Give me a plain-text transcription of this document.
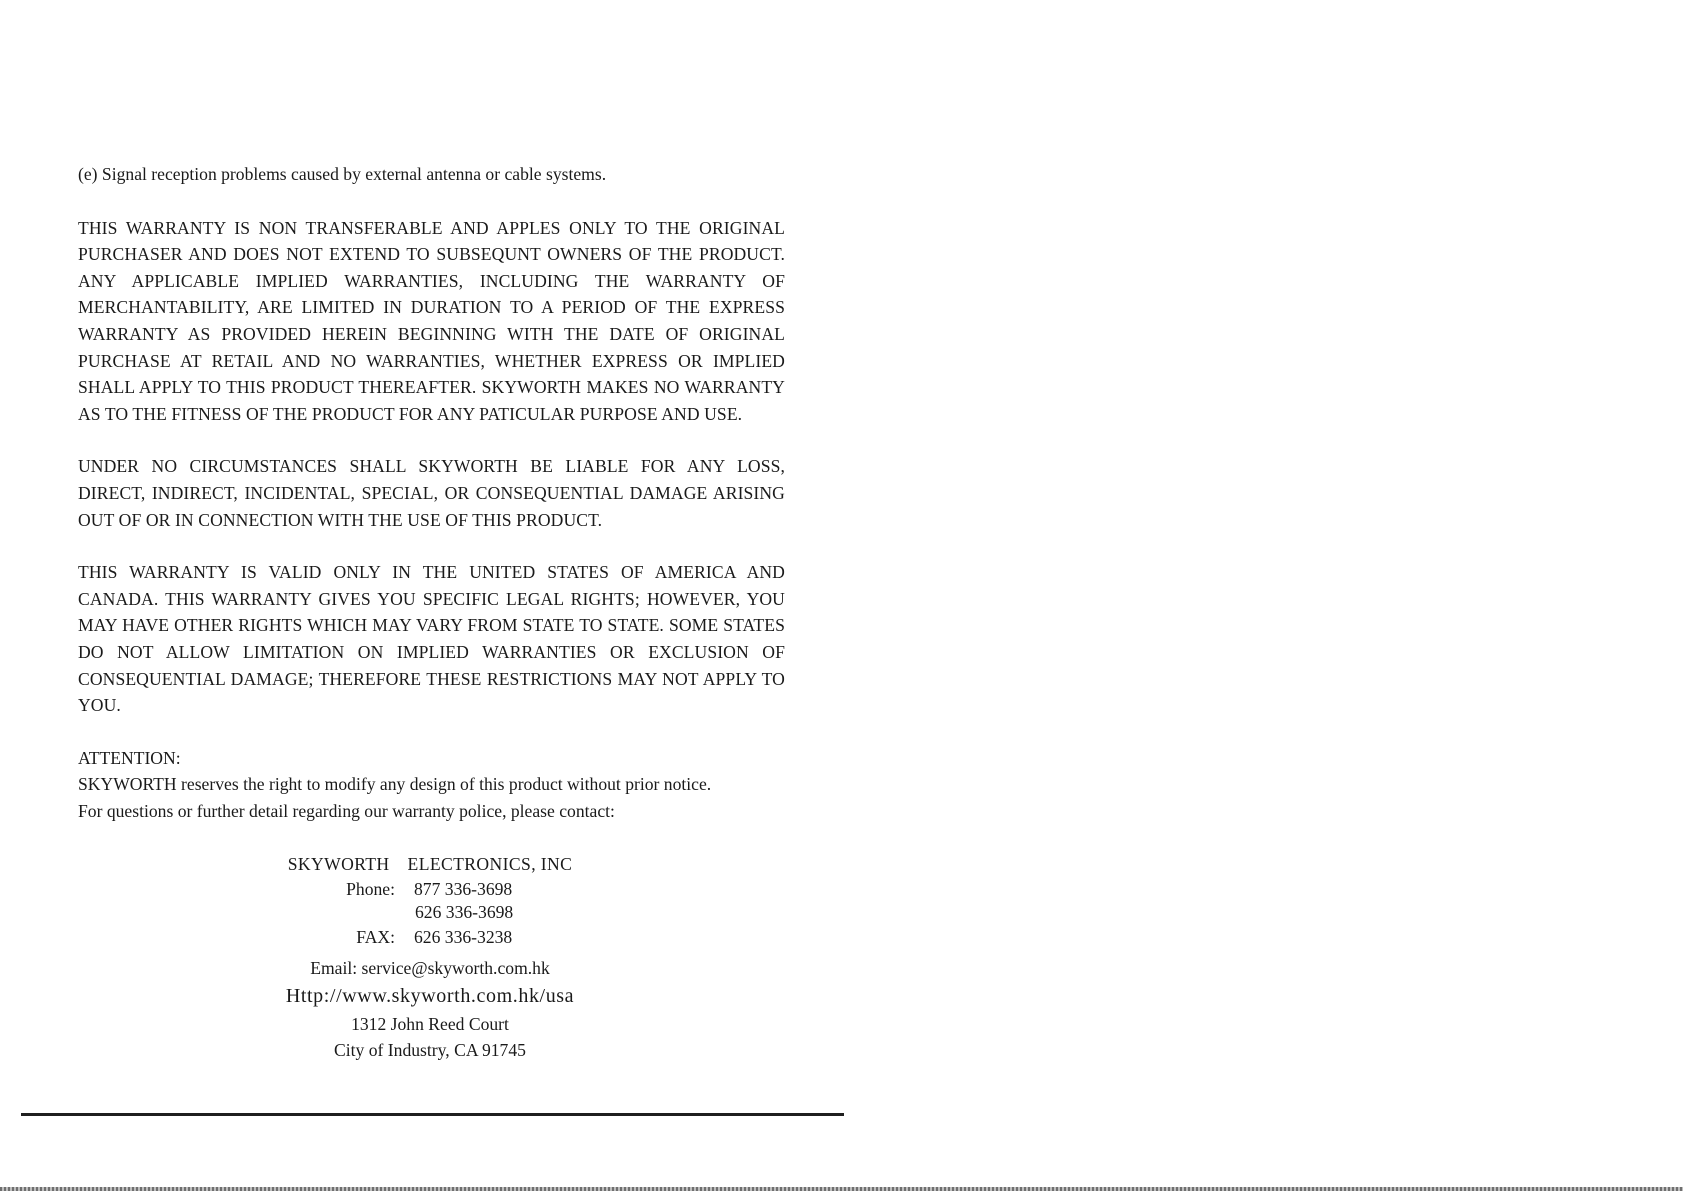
(e) Signal reception problems caused by external antenna or cable systems.

THIS WARRANTY IS NON TRANSFERABLE AND APPLES ONLY TO THE ORIGINAL PURCHASER AND DOES NOT EXTEND TO SUBSEQUNT OWNERS OF THE PRODUCT. ANY APPLICABLE IMPLIED WARRANTIES, INCLUDING THE WARRANTY OF MERCHANTABILITY, ARE LIMITED IN DURATION TO A PERIOD OF THE EXPRESS WARRANTY AS PROVIDED HEREIN BEGINNING WITH THE DATE OF ORIGINAL PURCHASE AT RETAIL AND NO WARRANTIES, WHETHER EXPRESS OR IMPLIED SHALL APPLY TO THIS PRODUCT THEREAFTER. SKYWORTH MAKES NO WARRANTY AS TO THE FITNESS OF THE PRODUCT FOR ANY PATICULAR PURPOSE AND USE.

UNDER NO CIRCUMSTANCES SHALL SKYWORTH BE LIABLE FOR ANY LOSS, DIRECT, INDIRECT, INCIDENTAL, SPECIAL, OR CONSEQUENTIAL DAMAGE ARISING OUT OF OR IN CONNECTION WITH THE USE OF THIS PRODUCT.

THIS WARRANTY IS VALID ONLY IN THE UNITED STATES OF AMERICA AND CANADA. THIS WARRANTY GIVES YOU SPECIFIC LEGAL RIGHTS; HOWEVER, YOU MAY HAVE OTHER RIGHTS WHICH MAY VARY FROM STATE TO STATE. SOME STATES DO NOT ALLOW LIMITATION ON IMPLIED WARRANTIES OR EXCLUSION OF CONSEQUENTIAL DAMAGE; THEREFORE THESE RESTRICTIONS MAY NOT APPLY TO YOU.

ATTENTION:
SKYWORTH reserves the right to modify any design of this product without prior notice.
For questions or further detail regarding our warranty police, please contact:
SKYWORTH ELECTRONICS, INC
Phone: 877 336-3698
626 336-3698
FAX: 626 336-3238
Email: service@skyworth.com.hk
Http://www.skyworth.com.hk/usa
1312 John Reed Court
City of Industry, CA 91745
